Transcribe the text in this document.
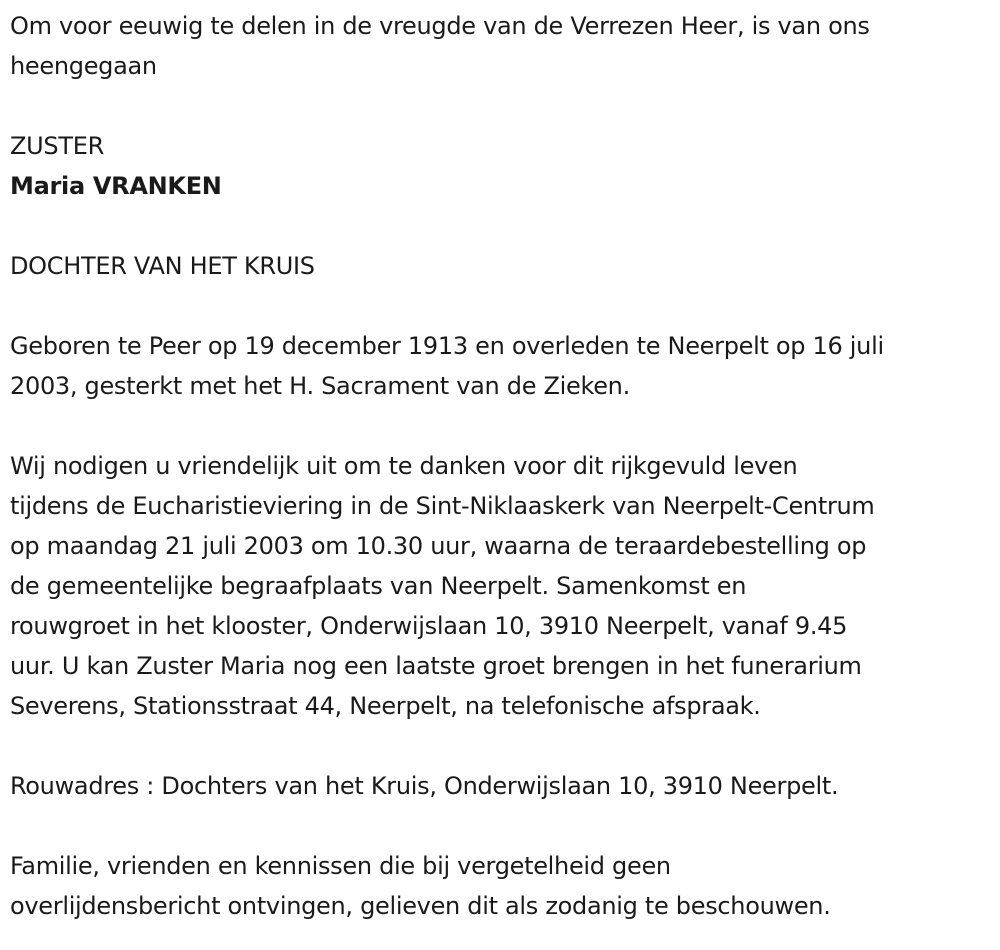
Om voor eeuwig te delen in de vreugde van de Verrezen Heer, is van ons
heengegaan

ZUSTER

Maria VRANKEN

DOCHTER VAN HET KRUIS

Geboren te Peer op 19 december 1913 en overleden te Neerpelt op 16 juli
2003, gesterkt met het H. Sacrament van de Zieken.

Wij nodigen u vriendelijk uit om te danken voor dit rijkgevuld leven
tijdens de Eucharistieviering in de Sint-Niklaaskerk van Neerpelt-Centrum
op maandag 21 juli 2003 om 10.30 uur, waarna de teraardebestelling op
de gemeentelijke begraafplaats van Neerpelt. Samenkomst en
rouwgroet in het klooster, Onderwijslaan 10, 3910 Neerpelt, vanaf 9.45
uur. U kan Zuster Maria nog een laatste groet brengen in het funerarium
Severens, Stationsstraat 44, Neerpelt, na telefonische afspraak.

Rouwadres : Dochters van het Kruis, Onderwijslaan 10, 3910 Neerpelt.

Familie, vrienden en kennissen die bij vergetelheid geen
overlijdensbericht ontvingen, gelieven dit als zodanig te beschouwen.
